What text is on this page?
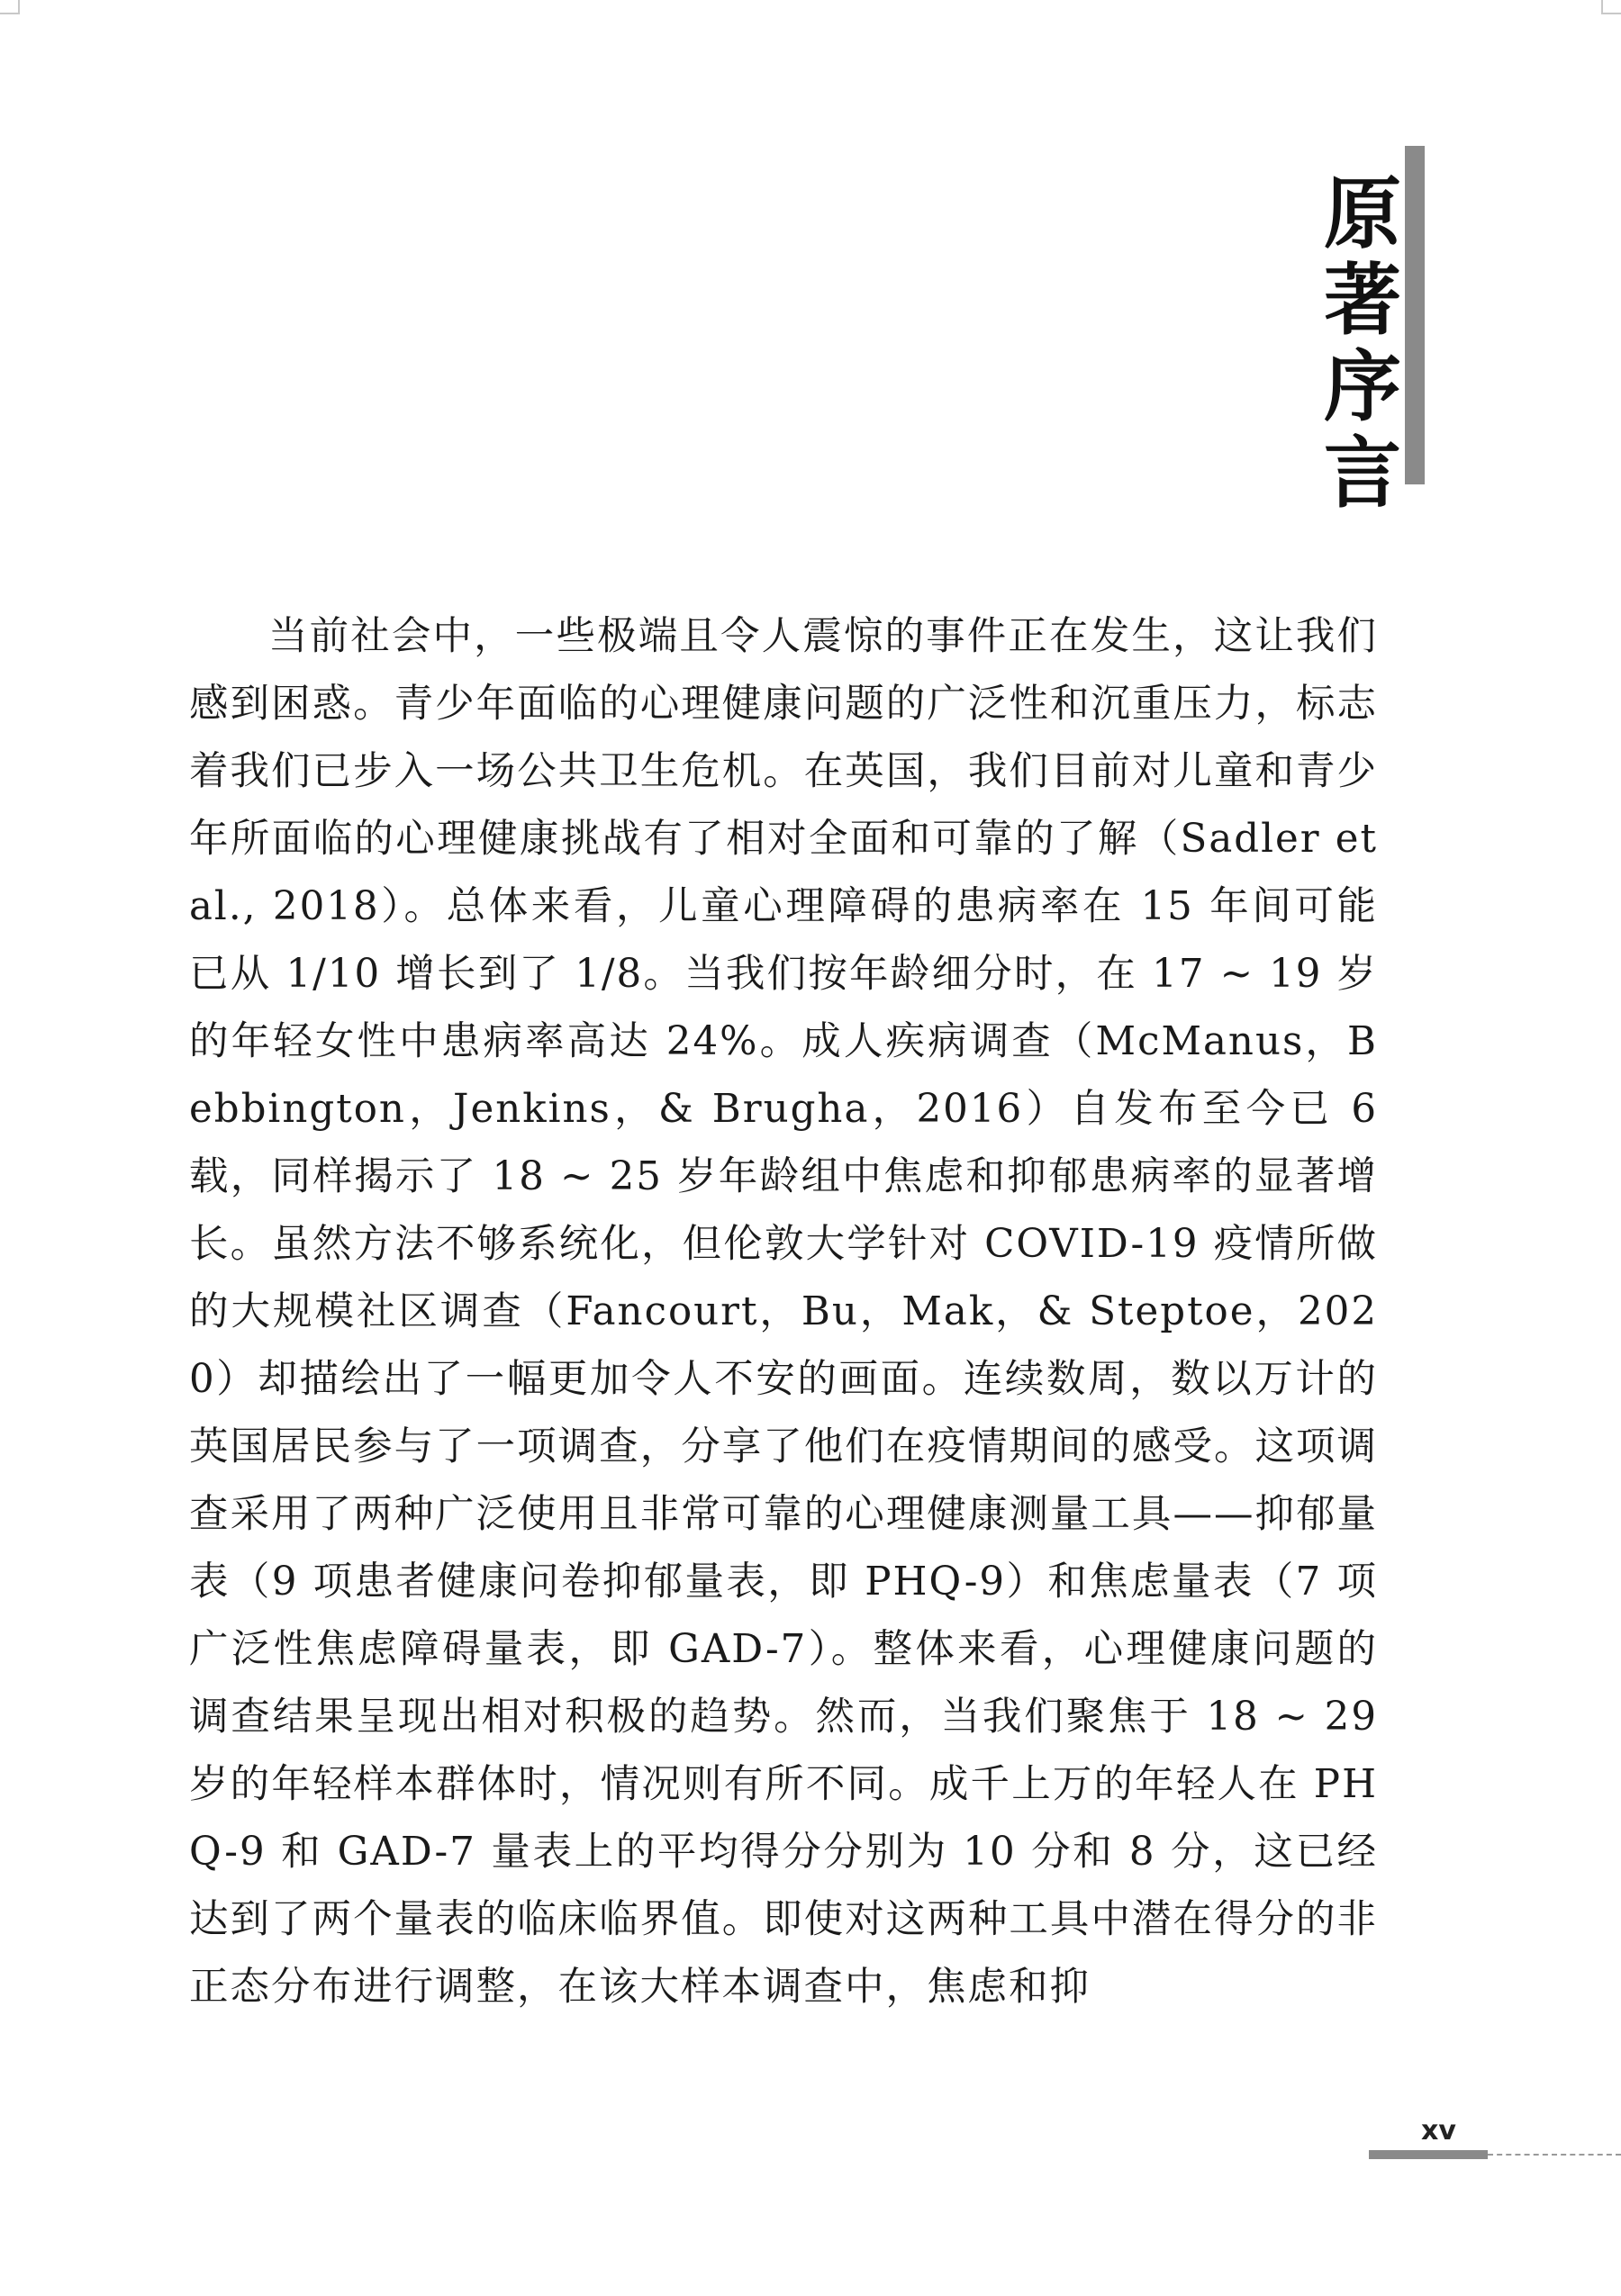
原著序言

当前社会中，一些极端且令人震惊的事件正在发生，这让我们感到困惑。青少年面临的心理健康问题的广泛性和沉重压力，标志着我们已步入一场公共卫生危机。在英国，我们目前对儿童和青少年所面临的心理健康挑战有了相对全面和可靠的了解（Sadler et al., 2018）。总体来看，儿童心理障碍的患病率在 15 年间可能已从 1/10 增长到了 1/8。当我们按年龄细分时，在 17 ~ 19 岁的年轻女性中患病率高达 24%。成人疾病调查（McManus，Bebbington，Jenkins，& Brugha，2016）自发布至今已 6 载，同样揭示了 18 ~ 25 岁年龄组中焦虑和抑郁患病率的显著增长。虽然方法不够系统化，但伦敦大学针对 COVID-19 疫情所做的大规模社区调查（Fancourt，Bu，Mak，& Steptoe，2020）却描绘出了一幅更加令人不安的画面。连续数周，数以万计的英国居民参与了一项调查，分享了他们在疫情期间的感受。这项调查采用了两种广泛使用且非常可靠的心理健康测量工具——抑郁量表（9 项患者健康问卷抑郁量表，即 PHQ-9）和焦虑量表（7 项广泛性焦虑障碍量表，即 GAD-7）。整体来看，心理健康问题的调查结果呈现出相对积极的趋势。然而，当我们聚焦于 18 ~ 29 岁的年轻样本群体时，情况则有所不同。成千上万的年轻人在 PHQ-9 和 GAD-7 量表上的平均得分分别为 10 分和 8 分，这已经达到了两个量表的临床临界值。即使对这两种工具中潜在得分的非正态分布进行调整，在该大样本调查中，焦虑和抑

xv
